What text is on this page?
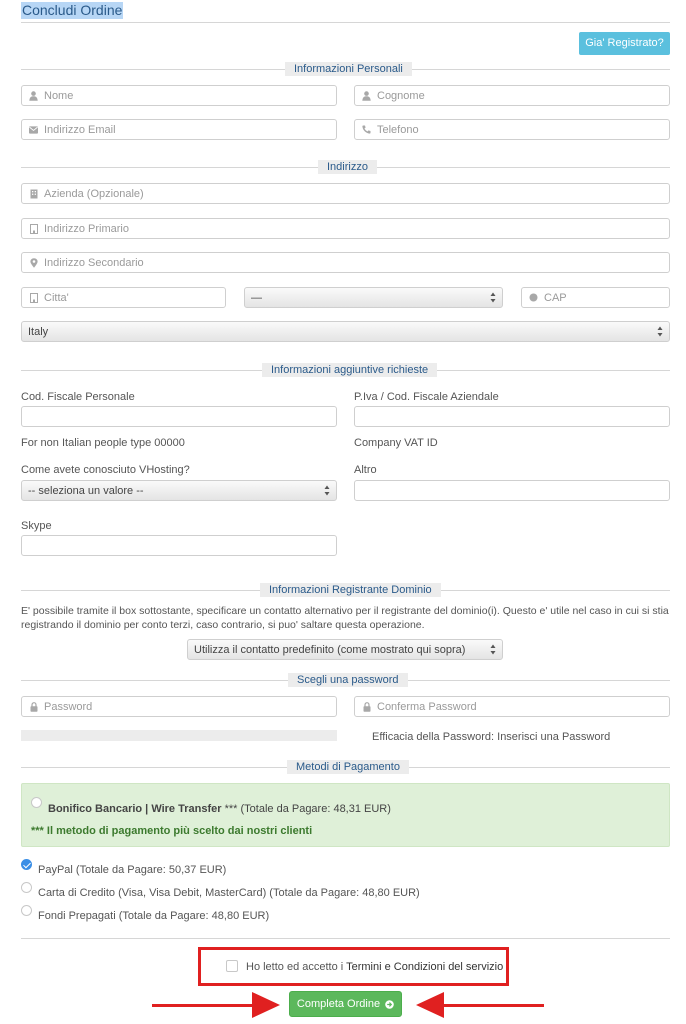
Concludi Ordine
Gia' Registrato?
Informazioni Personali
Nome	Cognome
Indirizzo Email	Telefono
Indirizzo
Azienda (Opzionale)
Indirizzo Primario
Indirizzo Secondario
Citta'	—	CAP
Italy
Informazioni aggiuntive richieste
Cod. Fiscale Personale	P.Iva / Cod. Fiscale Aziendale
For non Italian people type 00000	Company VAT ID
Come avete conosciuto VHosting?	Altro
-- seleziona un valore --
Skype
Informazioni Registrante Dominio
E' possibile tramite il box sottostante, specificare un contatto alternativo per il registrante del dominio(i). Questo e' utile nel caso in cui si stia
registrando il dominio per conto terzi, caso contrario, si puo' saltare questa operazione.
Utilizza il contatto predefinito (come mostrato qui sopra)
Scegli una password
Password	Conferma Password
Efficacia della Password: Inserisci una Password
Metodi di Pagamento
Bonifico Bancario | Wire Transfer *** (Totale da Pagare: 48,31 EUR)
*** Il metodo di pagamento più scelto dai nostri clienti
PayPal (Totale da Pagare: 50,37 EUR)
Carta di Credito (Visa, Visa Debit, MasterCard) (Totale da Pagare: 48,80 EUR)
Fondi Prepagati (Totale da Pagare: 48,80 EUR)
Ho letto ed accetto i Termini e Condizioni del servizio
Completa Ordine
